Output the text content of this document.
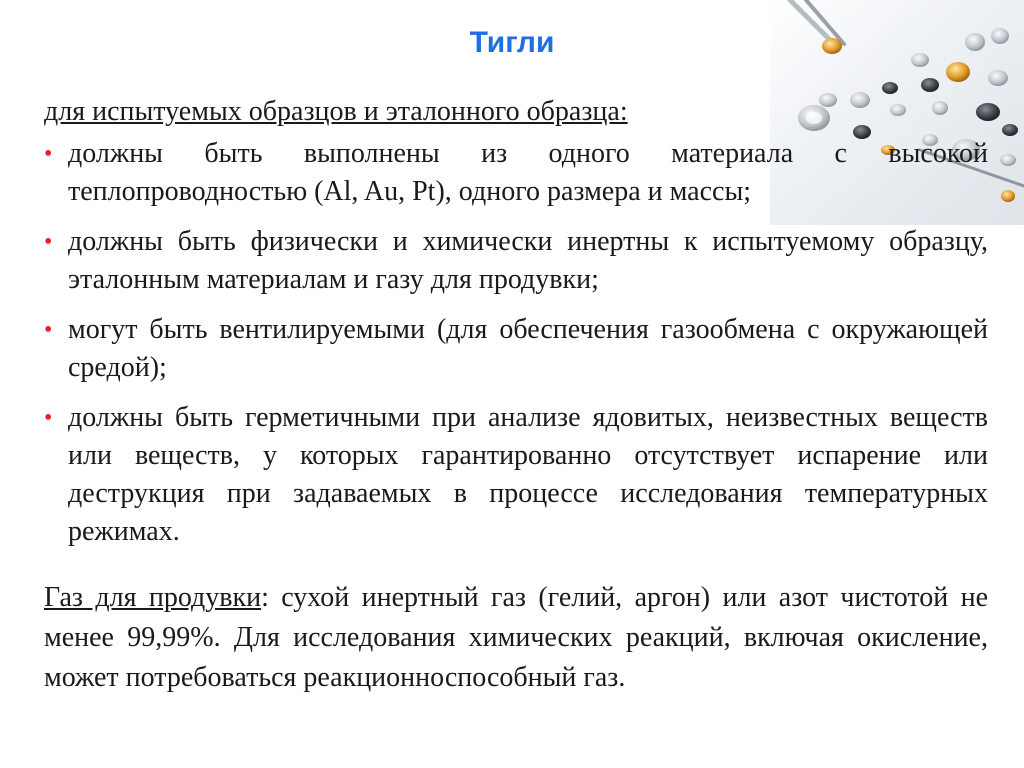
Тигли
для испытуемых образцов и эталонного образца:
• должны быть выполнены из одного материала с высокой теплопроводностью (Al, Au, Pt), одного размера и массы;
• должны быть физически и химически инертны к испытуемому образцу, эталонным материалам и газу для продувки;
• могут быть вентилируемыми (для обеспечения газообмена с окружающей средой);
• должны быть герметичными при анализе ядовитых, неизвестных веществ или веществ, у которых гарантированно отсутствует испарение или деструкция при задаваемых в процессе исследования температурных режимах.
Газ для продувки: сухой инертный газ (гелий, аргон) или азот чистотой не менее 99,99%. Для исследования химических реакций, включая окисление, может потребоваться реакционноспособный газ.
